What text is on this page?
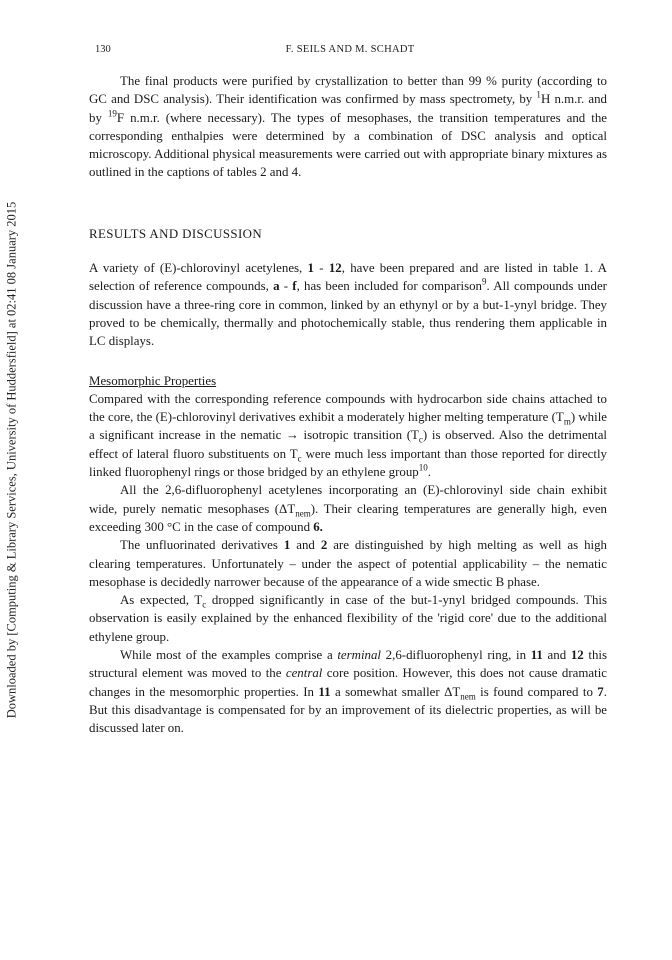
Downloaded by [Computing & Library Services, University of Huddersfield] at 02:41 08 January 2015
130	F. SEILS AND M. SCHADT

The final products were purified by crystallization to better than 99 % purity (according to GC and DSC analysis). Their identification was confirmed by mass spectromety, by $^1$H n.m.r. and by $^{19}$F n.m.r. (where necessary). The types of mesophases, the transition temperatures and the corresponding enthalpies were determined by a combination of DSC analysis and optical microscopy. Additional physical measurements were carried out with appropriate binary mixtures as outlined in the captions of tables 2 and 4.

RESULTS AND DISCUSSION

A variety of (E)-chlorovinyl acetylenes, 1 - 12, have been prepared and are listed in table 1. A selection of reference compounds, a - f, has been included for comparison$^9$. All compounds under discussion have a three-ring core in common, linked by an ethynyl or by a but-1-ynyl bridge. They proved to be chemically, thermally and photochemically stable, thus rendering them applicable in LC displays.

Mesomorphic Properties

Compared with the corresponding reference compounds with hydrocarbon side chains attached to the core, the (E)-chlorovinyl derivatives exhibit a moderately higher melting temperature $(T_m)$ while a significant increase in the nematic → isotropic transition $(T_c)$ is observed. Also the detrimental effect of lateral fluoro substituents on $T_c$ were much less important than those reported for directly linked fluorophenyl rings or those bridged by an ethylene group$^{10}$.

All the 2,6-difluorophenyl acetylenes incorporating an (E)-chlorovinyl side chain exhibit wide, purely nematic mesophases $(\Delta T_{nem})$. Their clearing temperatures are generally high, even exceeding 300 °C in the case of compound 6.

The unfluorinated derivatives 1 and 2 are distinguished by high melting as well as high clearing temperatures. Unfortunately – under the aspect of potential applicability – the nematic mesophase is decidedly narrower because of the appearance of a wide smectic B phase.

As expected, $T_c$ dropped significantly in case of the but-1-ynyl bridged compounds. This observation is easily explained by the enhanced flexibility of the 'rigid core' due to the additional ethylene group.

While most of the examples comprise a terminal 2,6-difluorophenyl ring, in 11 and 12 this structural element was moved to the central core position. However, this does not cause dramatic changes in the mesomorphic properties. In 11 a somewhat smaller $\Delta T_{nem}$ is found compared to 7. But this disadvantage is compensated for by an improvement of its dielectric properties, as will be discussed later on.
